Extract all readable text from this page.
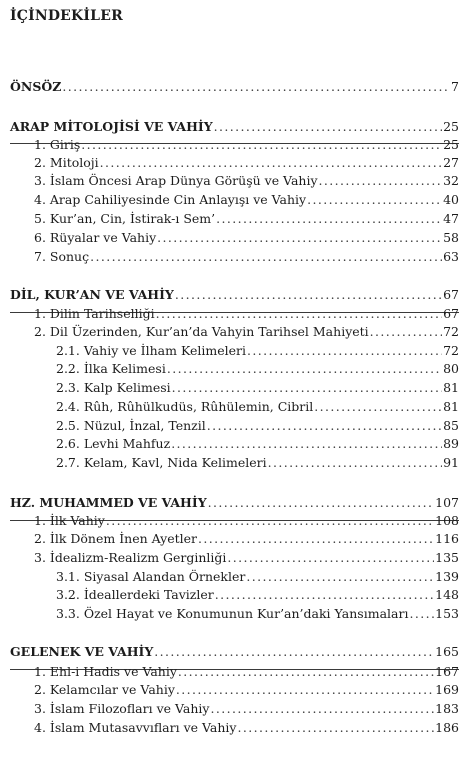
İÇİNDEKİLER
ÖNSÖZ .....	7
ARAP MİTOLOJİSİ VE VAHİY .....	25
1. Giriş .....	25
2. Mitoloji .....	27
3. İslam Öncesi Arap Dünya Görüşü ve Vahiy .....	32
4. Arap Cahiliyesinde Cin Anlayışı ve Vahiy .....	40
5. Kur’an, Cin, İstirak-ı Sem’ .....	47
6. Rüyalar ve Vahiy .....	58
7. Sonuç .....	63
DİL, KUR’AN VE VAHİY .....	67
1. Dilin Tarihselliği .....	67
2. Dil Üzerinden, Kur’an’da Vahyin Tarihsel Mahiyeti .....	72
2.1. Vahiy ve İlham Kelimeleri .....	72
2.2. İlka Kelimesi .....	80
2.3. Kalp Kelimesi .....	81
2.4. Rûh, Rûhülkudüs, Rûhülemin, Cibril .....	81
2.5. Nüzul, İnzal, Tenzil .....	85
2.6. Levhi Mahfuz .....	89
2.7. Kelam, Kavl, Nida Kelimeleri .....	91
HZ. MUHAMMED VE VAHİY .....	107
1. İlk Vahiy .....	108
2. İlk Dönem İnen Ayetler .....	116
3. İdealizm-Realizm Gerginliği .....	135
3.1. Siyasal Alandan Örnekler .....	139
3.2. İdeallerdeki Tavizler .....	148
3.3. Özel Hayat ve Konumunun Kur’an’daki Yansımaları ..... 153
GELENEK VE VAHİY .....	165
1. Ehl-i Hadis ve Vahiy .....	167
2. Kelamcılar ve Vahiy .....	169
3. İslam Filozofları ve Vahiy .....	183
4. İslam Mutasavvıfları ve Vahiy .....	186
